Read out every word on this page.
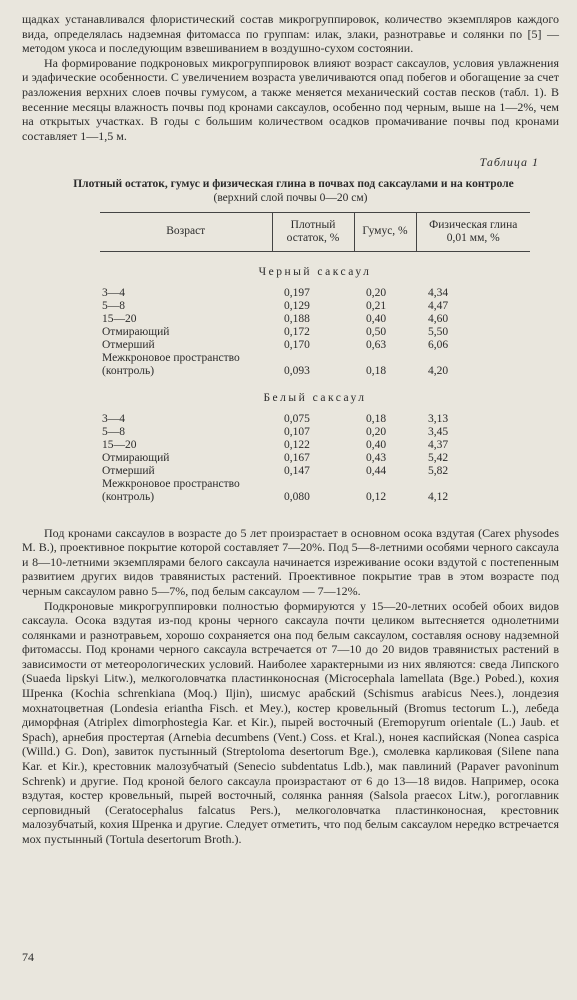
щадках устанавливался флористический состав микрогруппировок, количество экземпляров каждого вида, определялась надземная фитомасса по группам: илак, злаки, разнотравье и солянки по [5] — методом укоса и последующим взвешиванием в воздушно-сухом состоянии.

На формирование подкроновых микрогруппировок влияют возраст саксаулов, условия увлажнения и эдафические особенности. С увеличением возраста увеличиваются опад побегов и обогащение за счет разложения верхних слоев почвы гумусом, а также меняется механический состав песков (табл. 1). В весенние месяцы влажность почвы под кронами саксаулов, особенно под черным, выше на 1—2%, чем на открытых участках. В годы с большим количеством осадков промачивание почвы под кронами составляет 1—1,5 м.

Таблица 1
Плотный остаток, гумус и физическая глина в почвах под саксаулами и на контроле
(верхний слой почвы 0—20 см)
Возраст	Плотный остаток, %	Гумус, %	Физическая глина 0,01 мм, %
Черный саксаул			
3—4	0,197	0,20	4,34
5—8	0,129	0,21	4,47
15—20	0,188	0,40	4,60
Отмирающий	0,172	0,50	5,50
Отмерший	0,170	0,63	6,06
Межкроновое пространство (контроль)	0,093	0,18	4,20
Белый саксаул			
3—4	0,075	0,18	3,13
5—8	0,107	0,20	3,45
15—20	0,122	0,40	4,37
Отмирающий	0,167	0,43	5,42
Отмерший	0,147	0,44	5,82
Межкроновое пространство (контроль)	0,080	0,12	4,12

Под кронами саксаулов в возрасте до 5 лет произрастает в основном осока вздутая (Carex physodes M. B.), проективное покрытие которой составляет 7—20%. Под 5—8-летними особями черного саксаула и 8—10-летними экземплярами белого саксаула начинается изреживание осоки вздутой с постепенным развитием других видов травянистых растений. Проективное покрытие трав в этом возрасте под черным саксаулом равно 5—7%, под белым саксаулом — 7—12%.

Подкроновые микрогруппировки полностью формируются у 15—20-летних особей обоих видов саксаула. Осока вздутая из-под кроны черного саксаула почти целиком вытесняется однолетними солянками и разнотравьем, хорошо сохраняется она под белым саксаулом, составляя основу надземной фитомассы. Под кронами черного саксаула встречается от 7—10 до 20 видов травянистых растений в зависимости от метеорологических условий. Наиболее характерными из них являются: сведа Липского (Suaeda lipskyi Litw.), мелкоголовчатка пластинконосная (Microcephala lamellata (Bge.) Pobed.), кохия Шренка (Kochia schrenkiana (Moq.) Iljin), шисмус арабский (Schismus arabicus Nees.), лондезия мохнатоцветная (Londesia eriantha Fisch. et Mey.), костер кровельный (Bromus tectorum L.), лебеда диморфная (Atriplex dimorphostegia Kar. et Kir.), пырей восточный (Eremopyrum orientale (L.) Jaub. et Spach), арнебия простертая (Arnebia decumbens (Vent.) Coss. et Kral.), нонея каспийская (Nonea caspica (Willd.) G. Don), завиток пустынный (Streptoloma desertorum Bge.), смолевка карликовая (Silene nana Kar. et Kir.), крестовник малозубчатый (Senecio subdentatus Ldb.), мак павлиний (Papaver pavoninum Schrenk) и другие. Под кроной белого саксаула произрастают от 6 до 13—18 видов. Например, осока вздутая, костер кровельный, пырей восточный, солянка ранняя (Salsola praecox Litw.), рогоглавник серповидный (Ceratocephalus falcatus Pers.), мелкоголовчатка пластинконосная, крестовник малозубчатый, кохия Шренка и другие. Следует отметить, что под белым саксаулом нередко встречается мох пустынный (Tortula desertorum Broth.).

74
